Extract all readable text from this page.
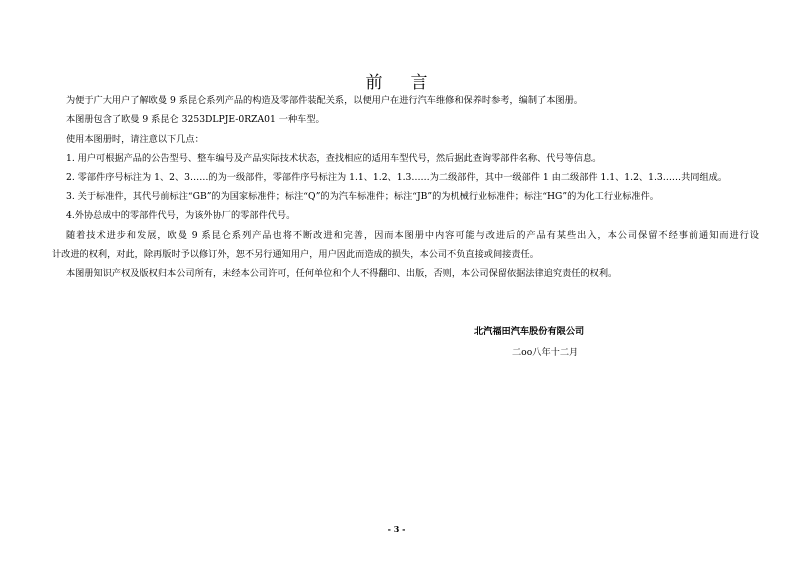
前言
为便于广大用户了解欧曼 9 系昆仑系列产品的构造及零部件装配关系，以便用户在进行汽车维修和保养时参考，编制了本图册。
本图册包含了欧曼 9 系昆仑 3253DLPJE-0RZA01 一种车型。
使用本图册时，请注意以下几点：
1. 用户可根据产品的公告型号、整车编号及产品实际技术状态，查找相应的适用车型代号，然后据此查询零部件名称、代号等信息。
2. 零部件序号标注为 1、2、3……的为一级部件，零部件序号标注为 1.1、1.2、1.3……为二级部件，其中一级部件 1 由二级部件 1.1、1.2、1.3……共同组成。
3. 关于标准件，其代号前标注“GB”的为国家标准件；标注“Q”的为汽车标准件；标注“JB”的为机械行业标准件；标注“HG”的为化工行业标准件。
4.外协总成中的零部件代号，为该外协厂的零部件代号。
随着技术进步和发展，欧曼 9 系昆仑系列产品也将不断改进和完善，因而本图册中内容可能与改进后的产品有某些出入，本公司保留不经事前通知而进行设
计改进的权利，对此，除再版时予以修订外，恕不另行通知用户，用户因此而造成的损失，本公司不负直接或间接责任。
本图册知识产权及版权归本公司所有，未经本公司许可，任何单位和个人不得翻印、出版，否则，本公司保留依据法律追究责任的权利。
北汽福田汽车股份有限公司
二oo八年十二月
- 3 -
